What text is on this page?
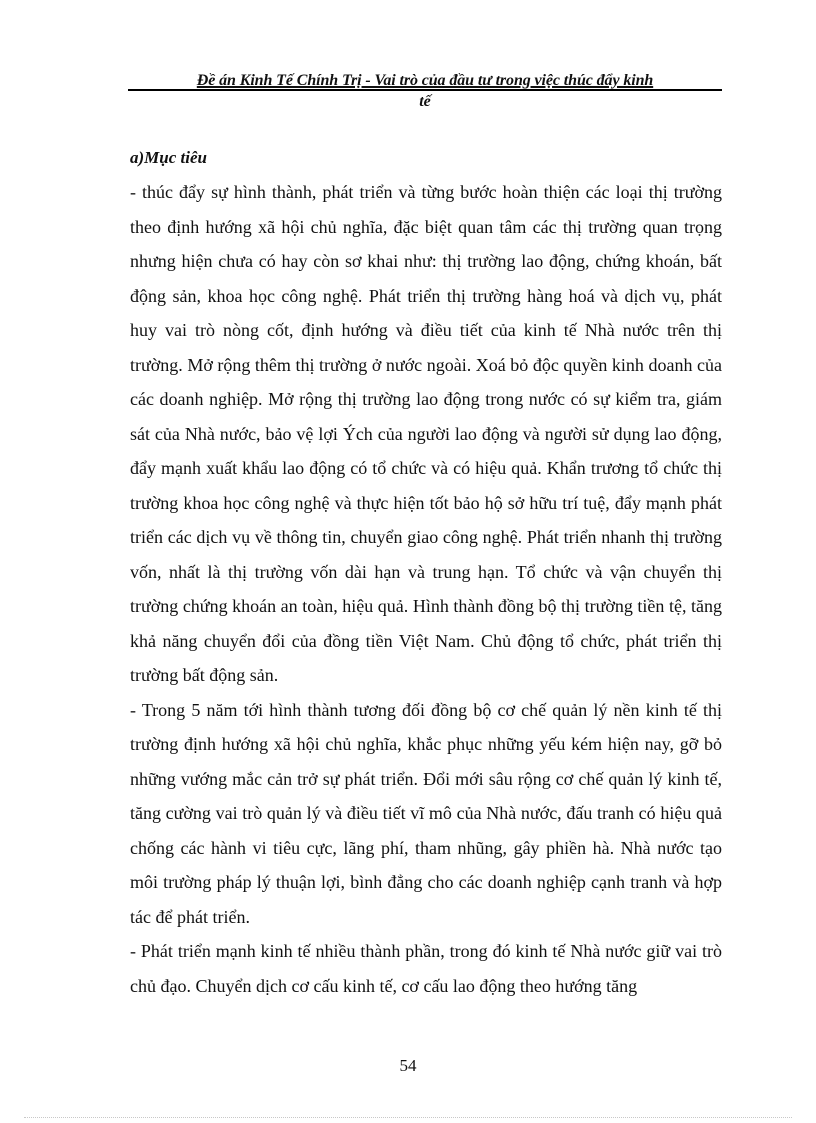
Đề án Kinh Tế Chính Trị - Vai trò của đầu tư trong việc thúc đẩy kinh
tế
a)Mục tiêu

- thúc đẩy sự hình thành, phát triển và từng bước hoàn thiện các loại thị trường theo định hướng xã hội chủ nghĩa, đặc biệt quan tâm các thị trường quan trọng nhưng hiện chưa có hay còn sơ khai như: thị trường lao động, chứng khoán, bất động sản, khoa học công nghệ. Phát triển thị trường hàng hoá và dịch vụ, phát huy vai trò nòng cốt, định hướng và điều tiết của kinh tế Nhà nước trên thị trường. Mở rộng thêm thị trường ở nước ngoài. Xoá bỏ độc quyền kinh doanh của các doanh nghiệp. Mở rộng thị trường lao động trong nước có sự kiểm tra, giám sát của Nhà nước, bảo vệ lợi Ých của người lao động và người sử dụng lao động, đẩy mạnh xuất khẩu lao động có tổ chức và có hiệu quả. Khẩn trương tổ chức thị trường khoa học công nghệ và thực hiện tốt bảo hộ sở hữu trí tuệ, đẩy mạnh phát triển các dịch vụ về thông tin, chuyển giao công nghệ. Phát triển nhanh thị trường vốn, nhất là thị trường vốn dài hạn và trung hạn. Tổ chức và vận chuyển thị trường chứng khoán an toàn, hiệu quả. Hình thành đồng bộ thị trường tiền tệ, tăng khả năng chuyển đổi của đồng tiền Việt Nam. Chủ động tổ chức, phát triển thị trường bất động sản.

- Trong 5 năm tới hình thành tương đối đồng bộ cơ chế quản lý nền kinh tế thị trường định hướng xã hội chủ nghĩa, khắc phục những yếu kém hiện nay, gỡ bỏ những vướng mắc cản trở sự phát triển. Đổi mới sâu rộng cơ chế quản lý kinh tế, tăng cường vai trò quản lý và điều tiết vĩ mô của Nhà nước, đấu tranh có hiệu quả chống các hành vi tiêu cực, lãng phí, tham nhũng, gây phiền hà. Nhà nước tạo môi trường pháp lý thuận lợi, bình đẳng cho các doanh nghiệp cạnh tranh và hợp tác để phát triển.

- Phát triển mạnh kinh tế nhiều thành phần, trong đó kinh tế Nhà nước giữ vai trò chủ đạo. Chuyển dịch cơ cấu kinh tế, cơ cấu lao động theo hướng tăng

54
